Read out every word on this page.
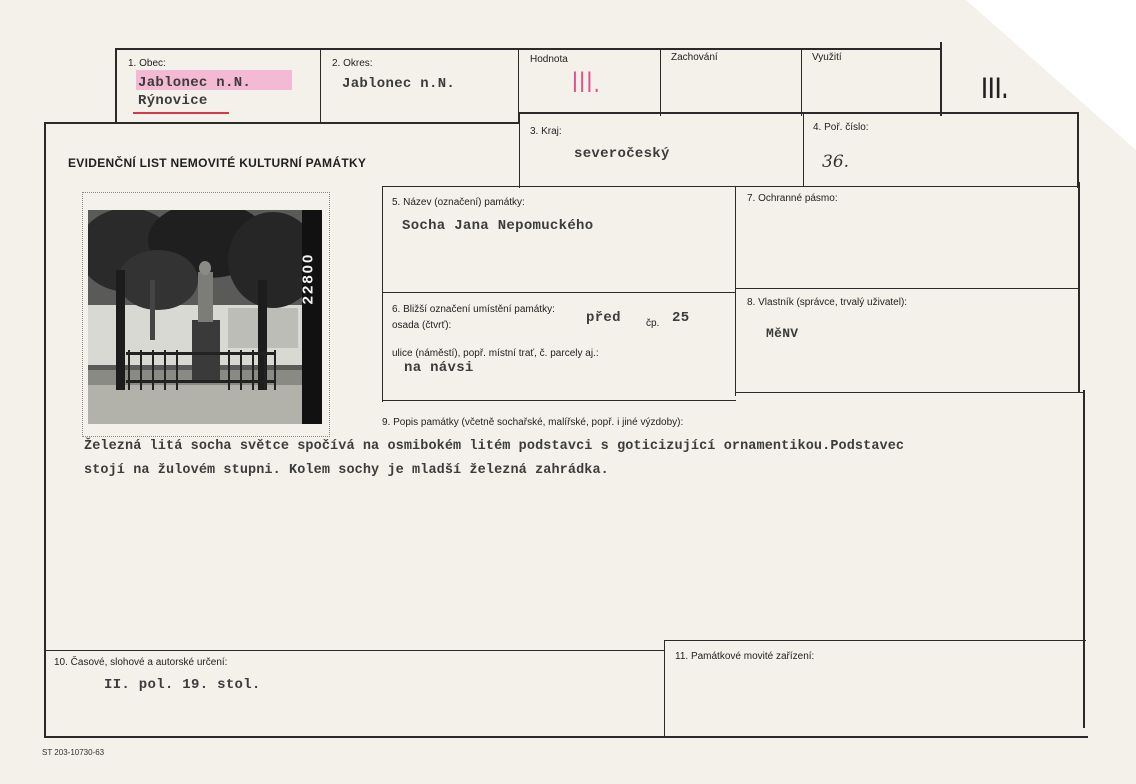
1. Obec:
Jablonec n.N.
Rýnovice
2. Okres:
Jablonec n.N.
Hodnota
III.
Zachování	Využití
III.
EVIDENČNÍ LIST NEMOVITÉ KULTURNÍ PAMÁTKY
3. Kraj:
severočeský
4. Poř. číslo:
36.
22800
5. Název (označení) památky:
Socha Jana Nepomuckého
7. Ochranné pásmo:
6. Bližší označení umístění památky:
osada (čtvrť):	před	čp. 25
ulice (náměstí), popř. místní trať, č. parcely aj.:
na návsi
8. Vlastník (správce, trvalý uživatel):
MěNV
9. Popis památky (včetně sochařské, malířské, popř. i jiné výzdoby):
Železná litá socha světce spočívá na osmibokém litém podstavci s goticizující ornamentikou.Podstavec
stojí na žulovém stupni. Kolem sochy je mladší železná zahrádka.
10. Časové, slohové a autorské určení:
II. pol. 19. stol.
11. Památkové movité zařízení:
ST 203-10730-63
